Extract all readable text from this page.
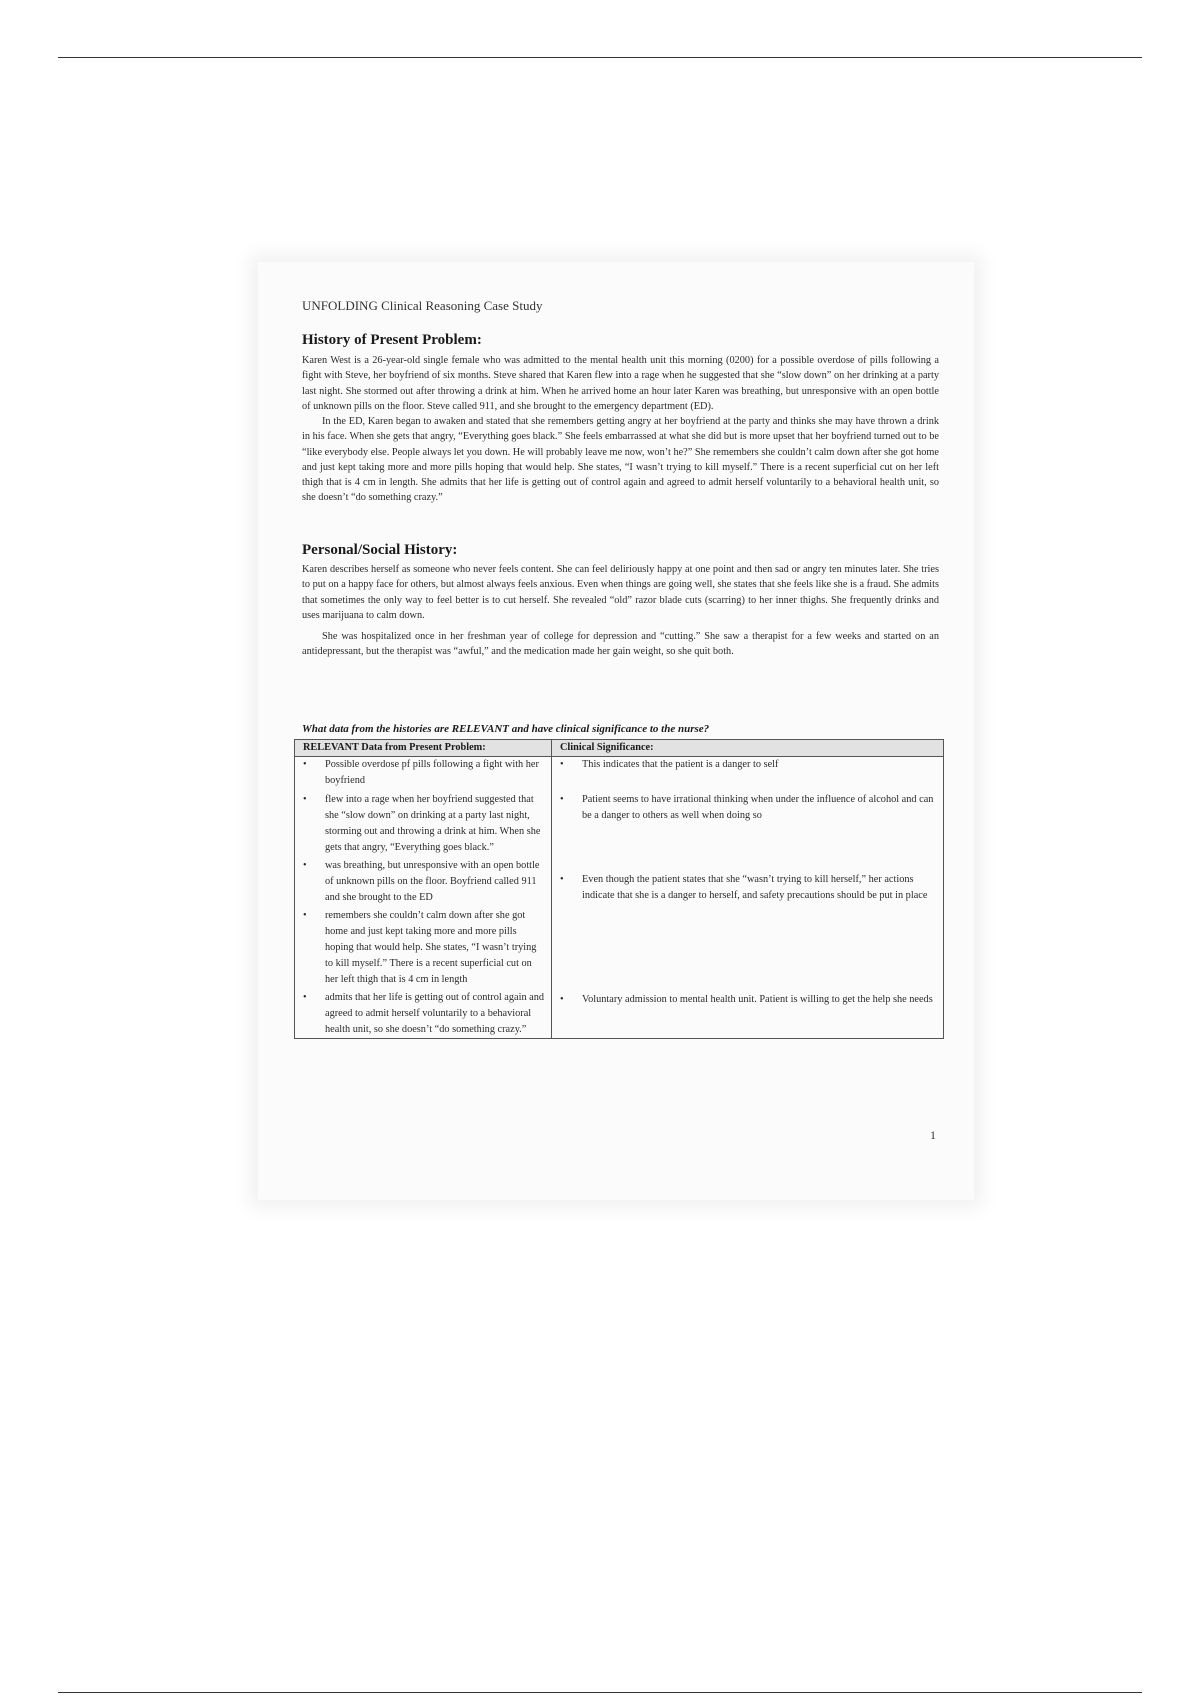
UNFOLDING Clinical Reasoning Case Study
History of Present Problem:

Karen West is a 26-year-old single female who was admitted to the mental health unit this morning (0200) for a possible overdose of pills following a fight with Steve, her boyfriend of six months. Steve shared that Karen flew into a rage when he suggested that she “slow down” on her drinking at a party last night. She stormed out after throwing a drink at him. When he arrived home an hour later Karen was breathing, but unresponsive with an open bottle of unknown pills on the floor. Steve called 911, and she brought to the emergency department (ED).

In the ED, Karen began to awaken and stated that she remembers getting angry at her boyfriend at the party and thinks she may have thrown a drink in his face. When she gets that angry, “Everything goes black.” She feels embarrassed at what she did but is more upset that her boyfriend turned out to be “like everybody else. People always let you down. He will probably leave me now, won’t he?” She remembers she couldn’t calm down after she got home and just kept taking more and more pills hoping that would help. She states, “I wasn’t trying to kill myself.” There is a recent superficial cut on her left thigh that is 4 cm in length. She admits that her life is getting out of control again and agreed to admit herself voluntarily to a behavioral health unit, so she doesn’t “do something crazy.”

Personal/Social History:

Karen describes herself as someone who never feels content. She can feel deliriously happy at one point and then sad or angry ten minutes later. She tries to put on a happy face for others, but almost always feels anxious. Even when things are going well, she states that she feels like she is a fraud. She admits that sometimes the only way to feel better is to cut herself. She revealed “old” razor blade cuts (scarring) to her inner thighs. She frequently drinks and uses marijuana to calm down.

She was hospitalized once in her freshman year of college for depression and “cutting.” She saw a therapist for a few weeks and started on an antidepressant, but the therapist was “awful,” and the medication made her gain weight, so she quit both.

What data from the histories are RELEVANT and have clinical significance to the nurse?
RELEVANT Data from Present Problem:	Clinical Significance:

• Possible overdose pf pills following a fight with her boyfriend	• This indicates that the patient is a danger to self

• flew into a rage when her boyfriend suggested that she “slow down” on drinking at a party last night, storming out and throwing a drink at him. When she gets that angry, “Everything goes black.”	• Patient seems to have irrational thinking when under the influence of alcohol and can be a danger to others as well when doing so

• was breathing, but unresponsive with an open bottle of unknown pills on the floor. Boyfriend called 911 and she brought to the ED	• Even though the patient states that she “wasn’t trying to kill herself,” her actions indicate that she is a danger to herself, and safety precautions should be put in place

• remembers she couldn’t calm down after she got home and just kept taking more and more pills hoping that would help. She states, “I wasn’t trying to kill myself.” There is a recent superficial cut on her left thigh that is 4 cm in length	

• admits that her life is getting out of control again and agreed to admit herself voluntarily to a behavioral health unit, so she doesn’t “do something crazy.”	• Voluntary admission to mental health unit. Patient is willing to get the help she needs
1
